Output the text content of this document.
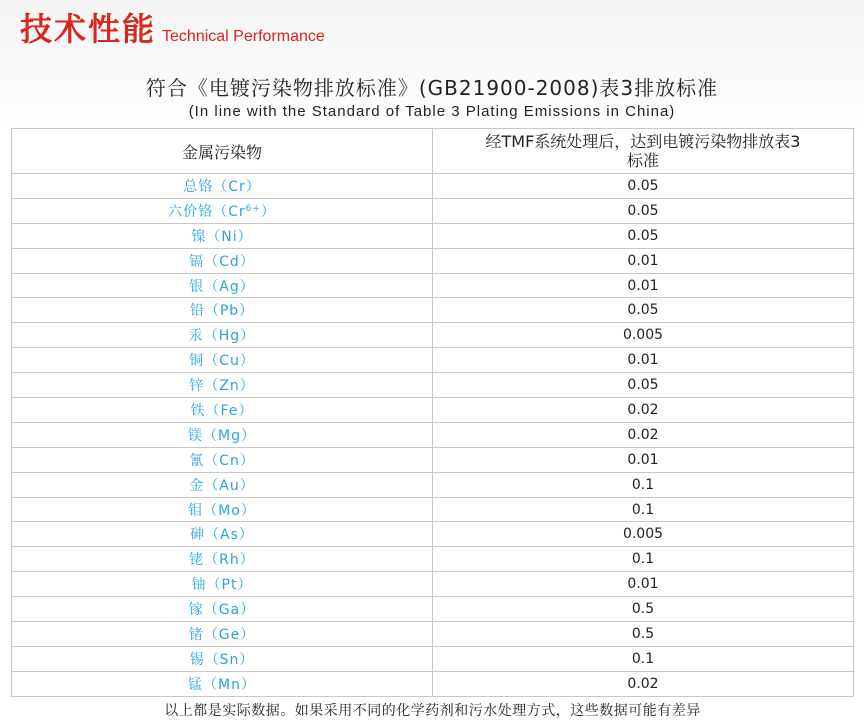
技术性能 Technical Performance
符合《电镀污染物排放标准》(GB21900-2008)表3排放标准
(In line with the Standard of Table 3 Plating Emissions in China)
金属污染物	经TMF系统处理后，达到电镀污染物排放表3标准

总铬（Cr）	0.05
六价铬$(Cr^{6+})$	0.05
镍（Ni）	0.05
镉（Cd）	0.01
银（Ag）	0.01
铅（Pb）	0.05
汞（Hg）	0.005
铜（Cu）	0.01
锌（Zn）	0.05
铁（Fe）	0.02
镁（Mg）	0.02
氰（Cn）	0.01
金（Au）	0.1
钼（Mo）	0.1
砷（As）	0.005
铑（Rh）	0.1
铀（Pt）	0.01
镓（Ga）	0.5
锗（Ge）	0.5
锡（Sn）	0.1
锰（Mn）	0.02
以上都是实际数据。如果采用不同的化学药剂和污水处理方式，这些数据可能有差异	
